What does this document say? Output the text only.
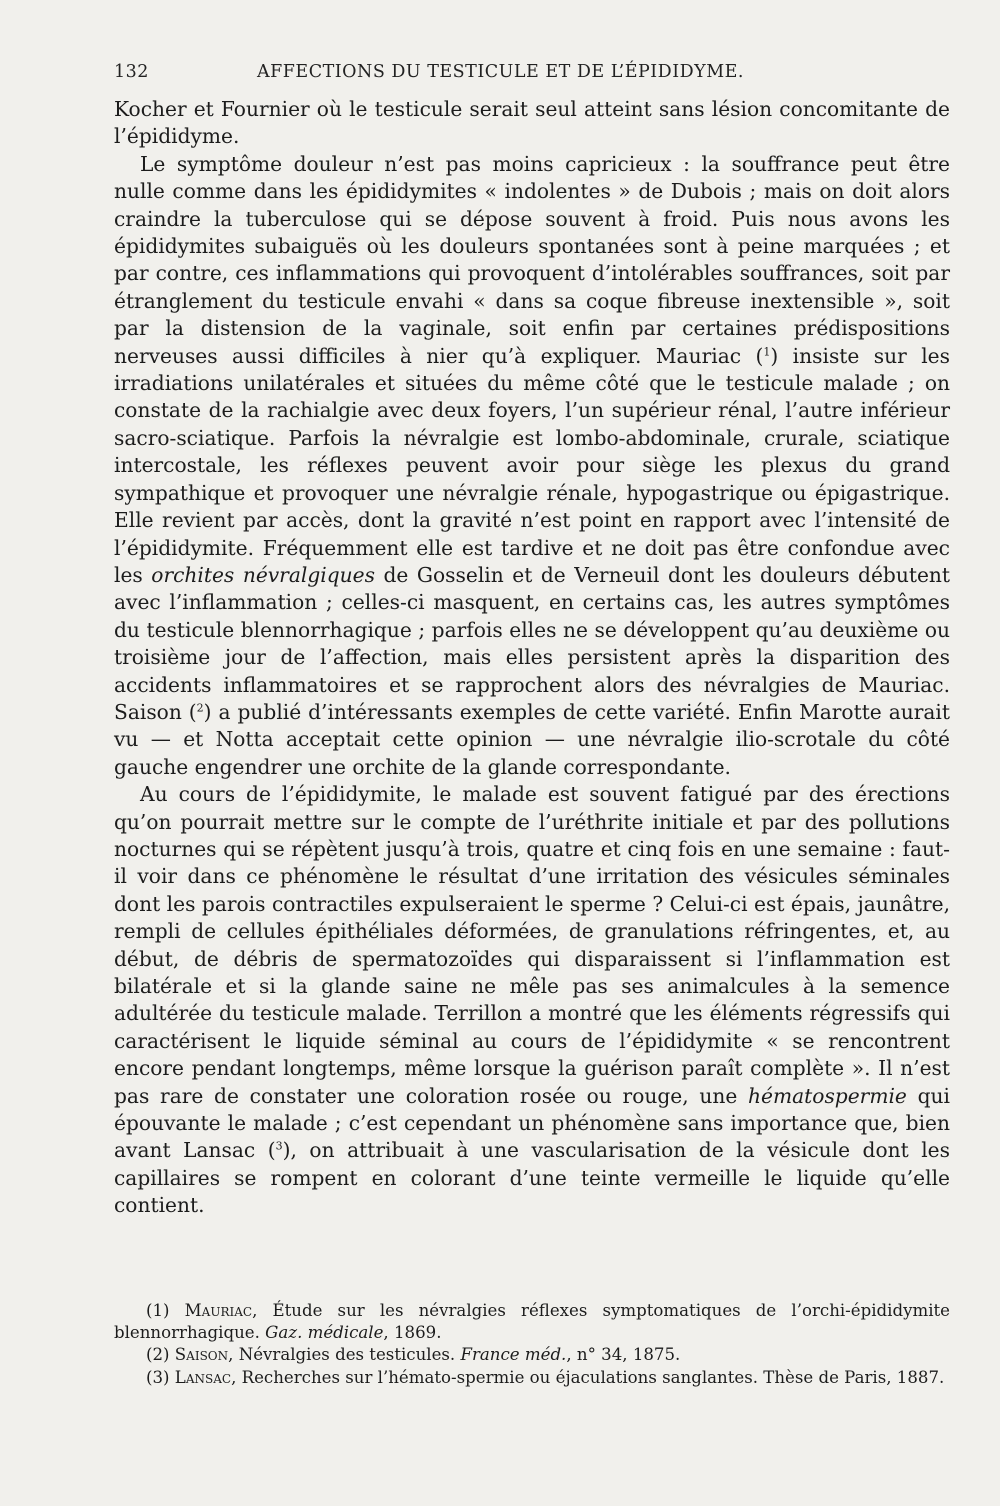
132	AFFECTIONS DU TESTICULE ET DE L’ÉPIDIDYME.

Kocher et Fournier où le testicule serait seul atteint sans lésion concomitante de l’épididyme.

Le symptôme douleur n’est pas moins capricieux : la souffrance peut être nulle comme dans les épididymites « indolentes » de Dubois ; mais on doit alors craindre la tuberculose qui se dépose souvent à froid. Puis nous avons les épididymites subaiguës où les douleurs spontanées sont à peine marquées ; et par contre, ces inflammations qui provoquent d’intolérables souffrances, soit par étranglement du testicule envahi « dans sa coque fibreuse inextensible », soit par la distension de la vaginale, soit enfin par certaines prédispositions nerveuses aussi difficiles à nier qu’à expliquer. Mauriac ($^1$) insiste sur les irradiations unilatérales et situées du même côté que le testicule malade ; on constate de la rachialgie avec deux foyers, l’un supérieur rénal, l’autre inférieur sacro-sciatique. Parfois la névralgie est lombo-abdominale, crurale, sciatique intercostale, les réflexes peuvent avoir pour siège les plexus du grand sympathique et provoquer une névralgie rénale, hypogastrique ou épigastrique. Elle revient par accès, dont la gravité n’est point en rapport avec l’intensité de l’épididymite. Fréquemment elle est tardive et ne doit pas être confondue avec les orchites névralgiques de Gosselin et de Verneuil dont les douleurs débutent avec l’inflammation ; celles-ci masquent, en certains cas, les autres symptômes du testicule blennorrhagique ; parfois elles ne se développent qu’au deuxième ou troisième jour de l’affection, mais elles persistent après la disparition des accidents inflammatoires et se rapprochent alors des névralgies de Mauriac. Saison ($^2$) a publié d’intéressants exemples de cette variété. Enfin Marotte aurait vu — et Notta acceptait cette opinion — une névralgie ilio-scrotale du côté gauche engendrer une orchite de la glande correspondante.

Au cours de l’épididymite, le malade est souvent fatigué par des érections qu’on pourrait mettre sur le compte de l’uréthrite initiale et par des pollutions nocturnes qui se répètent jusqu’à trois, quatre et cinq fois en une semaine : faut-il voir dans ce phénomène le résultat d’une irritation des vésicules séminales dont les parois contractiles expulseraient le sperme ? Celui-ci est épais, jaunâtre, rempli de cellules épithéliales déformées, de granulations réfringentes, et, au début, de débris de spermatozoïdes qui disparaissent si l’inflammation est bilatérale et si la glande saine ne mêle pas ses animalcules à la semence adultérée du testicule malade. Terrillon a montré que les éléments régressifs qui caractérisent le liquide séminal au cours de l’épididymite « se rencontrent encore pendant longtemps, même lorsque la guérison paraît complète ». Il n’est pas rare de constater une coloration rosée ou rouge, une hématospermie qui épouvante le malade ; c’est cependant un phénomène sans importance que, bien avant Lansac ($^3$), on attribuait à une vascularisation de la vésicule dont les capillaires se rompent en colorant d’une teinte vermeille le liquide qu’elle contient.

(1) Mauriac, Étude sur les névralgies réflexes symptomatiques de l’orchi-épididymite blennorrhagique. Gaz. médicale, 1869.

(2) Saison, Névralgies des testicules. France méd., n° 34, 1875.

(3) Lansac, Recherches sur l’hémato-spermie ou éjaculations sanglantes. Thèse de Paris, 1887.
